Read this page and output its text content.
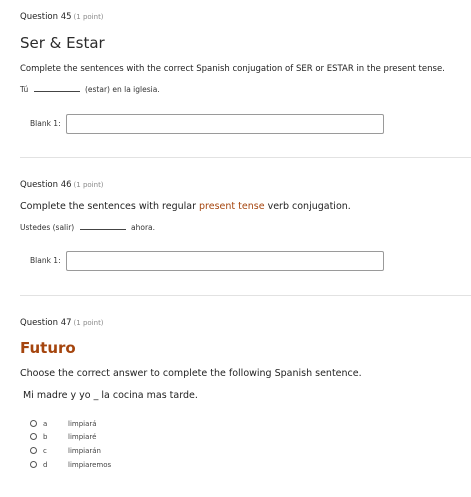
Question 45 (1 point)
Ser & Estar
Complete the sentences with the correct Spanish conjugation of SER or ESTAR in the present tense.
Tú	(estar) en la iglesia.
Blank 1:
Question 46 (1 point)
Complete the sentences with regular present tense verb conjugation.
Ustedes (salir)	ahora.
Blank 1:
Question 47 (1 point)
Futuro
Choose the correct answer to complete the following Spanish sentence.
Mi madre y yo _ la cocina mas tarde.
a	limpiará
b	limpiaré
c	limpiarán
d	limpiaremos
